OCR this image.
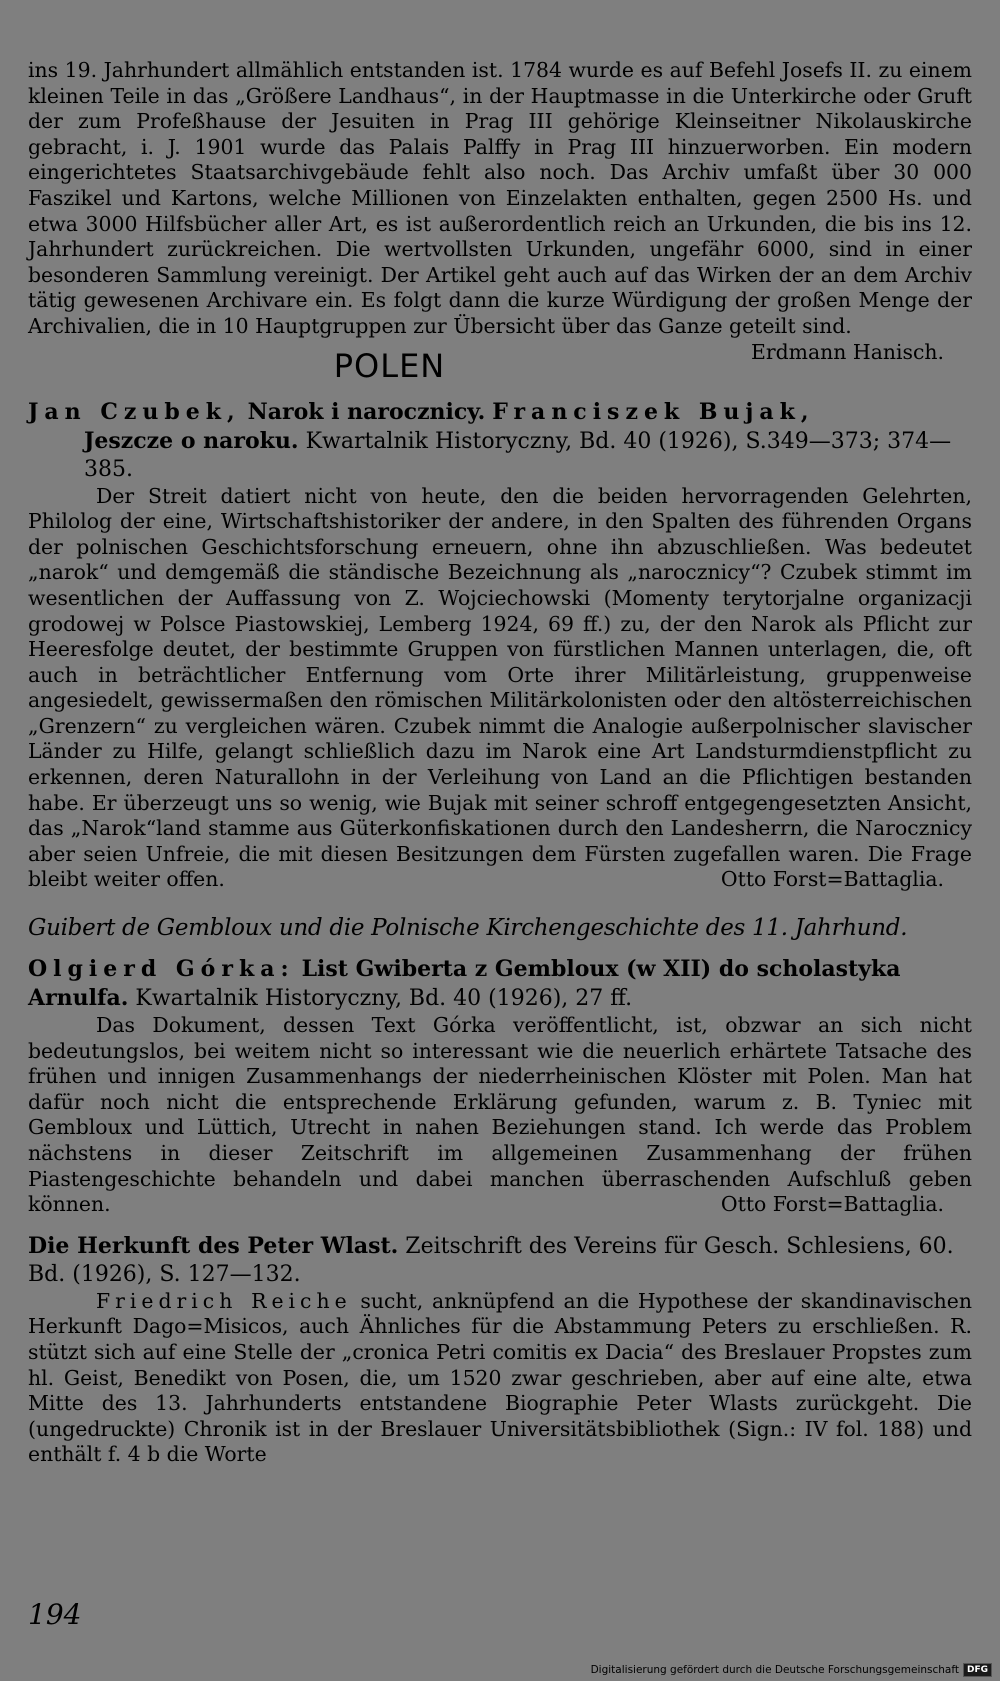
ins 19. Jahrhundert allmählich entstanden ist. 1784 wurde es auf Befehl Josefs II. zu einem kleinen Teile in das „Größere Landhaus“, in der Hauptmasse in die Unterkirche oder Gruft der zum Profeßhause der Jesuiten in Prag III gehörige Kleinseitner Nikolauskirche gebracht, i. J. 1901 wurde das Palais Palffy in Prag III hinzuerworben. Ein modern eingerichtetes Staatsarchivgebäude fehlt also noch. Das Archiv umfaßt über 30 000 Faszikel und Kartons, welche Millionen von Einzelakten enthalten, gegen 2500 Hs. und etwa 3000 Hilfsbücher aller Art, es ist außerordentlich reich an Urkunden, die bis ins 12. Jahrhundert zurückreichen. Die wertvollsten Urkunden, ungefähr 6000, sind in einer besonderen Sammlung vereinigt. Der Artikel geht auch auf das Wirken der an dem Archiv tätig gewesenen Archivare ein. Es folgt dann die kurze Würdigung der großen Menge der Archivalien, die in 10 Hauptgruppen zur Übersicht über das Ganze geteilt sind.
Erdmann Hanisch.

POLEN
Jan Czubek, Narok i narocznicy. Franciszek Bujak,
Jeszcze o naroku. Kwartalnik Historyczny, Bd. 40 (1926), S.349—373; 374—385.

Der Streit datiert nicht von heute, den die beiden hervorragenden Gelehrten, Philolog der eine, Wirtschaftshistoriker der andere, in den Spalten des führenden Organs der polnischen Geschichtsforschung erneuern, ohne ihn abzuschließen. Was bedeutet „narok“ und demgemäß die ständische Bezeichnung als „narocznicy“? Czubek stimmt im wesentlichen der Auffassung von Z. Wojciechowski (Momenty terytorjalne organizacji grodowej w Polsce Piastowskiej, Lemberg 1924, 69 ff.) zu, der den Narok als Pflicht zur Heeresfolge deutet, der bestimmte Gruppen von fürstlichen Mannen unterlagen, die, oft auch in beträchtlicher Entfernung vom Orte ihrer Militärleistung, gruppenweise angesiedelt, gewissermaßen den römischen Militärkolonisten oder den altösterreichischen „Grenzern“ zu vergleichen wären. Czubek nimmt die Analogie außerpolnischer slavischer Länder zu Hilfe, gelangt schließlich dazu im Narok eine Art Landsturmdienstpflicht zu erkennen, deren Naturallohn in der Verleihung von Land an die Pflichtigen bestanden habe. Er überzeugt uns so wenig, wie Bujak mit seiner schroff entgegengesetzten Ansicht, das „Narok“land stamme aus Güterkonfiskationen durch den Landesherrn, die Narocznicy aber seien Unfreie, die mit diesen Besitzungen dem Fürsten zugefallen waren. Die Frage bleibt weiter offen.	Otto Forst=Battaglia.

Guibert de Gembloux und die Polnische Kirchengeschichte des 11. Jahrhund.
Olgierd Górka: List Gwiberta z Gembloux (w XII) do scholastyka Arnulfa. Kwartalnik Historyczny, Bd. 40 (1926), 27 ff.

Das Dokument, dessen Text Górka veröffentlicht, ist, obzwar an sich nicht bedeutungslos, bei weitem nicht so interessant wie die neuerlich erhärtete Tatsache des frühen und innigen Zusammenhangs der niederrheinischen Klöster mit Polen. Man hat dafür noch nicht die entsprechende Erklärung gefunden, warum z. B. Tyniec mit Gembloux und Lüttich, Utrecht in nahen Beziehungen stand. Ich werde das Problem nächstens in dieser Zeitschrift im allgemeinen Zusammenhang der frühen Piastengeschichte behandeln und dabei manchen überraschenden Aufschluß geben können.	Otto Forst=Battaglia.

Die Herkunft des Peter Wlast. Zeitschrift des Vereins für Gesch. Schlesiens, 60. Bd. (1926), S. 127—132.

Friedrich Reiche sucht, anknüpfend an die Hypothese der skandinavischen Herkunft Dago=Misicos, auch Ähnliches für die Abstammung Peters zu erschließen. R. stützt sich auf eine Stelle der „cronica Petri comitis ex Dacia“ des Breslauer Propstes zum hl. Geist, Benedikt von Posen, die, um 1520 zwar geschrieben, aber auf eine alte, etwa Mitte des 13. Jahrhunderts entstandene Biographie Peter Wlasts zurückgeht. Die (ungedruckte) Chronik ist in der Breslauer Universitätsbibliothek (Sign.: IV fol. 188) und enthält f. 4 b die Worte

194
Digitalisierung gefördert durch die Deutsche Forschungsgemeinschaft DFG
